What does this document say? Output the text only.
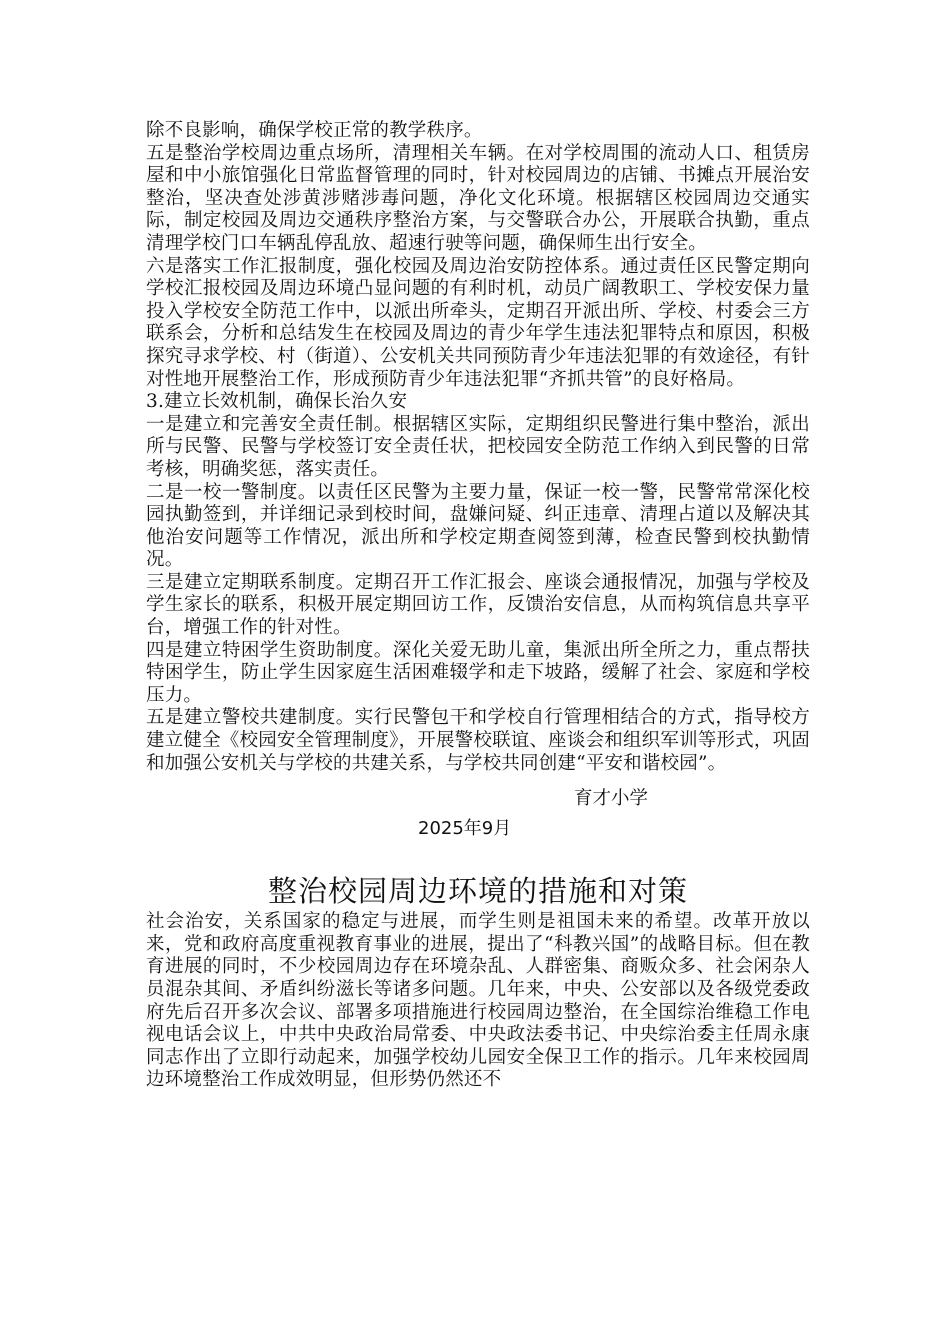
除不良影响，确保学校正常的教学秩序。

五是整治学校周边重点场所，清理相关车辆。在对学校周围的流动人口、租赁房屋和中小旅馆强化日常监督管理的同时，针对校园周边的店铺、书摊点开展治安整治，坚决查处涉黄涉赌涉毒问题，净化文化环境。根据辖区校园周边交通实际，制定校园及周边交通秩序整治方案，与交警联合办公，开展联合执勤，重点清理学校门口车辆乱停乱放、超速行驶等问题，确保师生出行安全。

六是落实工作汇报制度，强化校园及周边治安防控体系。通过责任区民警定期向学校汇报校园及周边环境凸显问题的有利时机，动员广阔教职工、学校安保力量投入学校安全防范工作中，以派出所牵头，定期召开派出所、学校、村委会三方联系会，分析和总结发生在校园及周边的青少年学生违法犯罪特点和原因，积极探究寻求学校、村（街道）、公安机关共同预防青少年违法犯罪的有效途径，有针对性地开展整治工作，形成预防青少年违法犯罪“齐抓共管”的良好格局。

3.建立长效机制，确保长治久安

一是建立和完善安全责任制。根据辖区实际，定期组织民警进行集中整治，派出所与民警、民警与学校签订安全责任状，把校园安全防范工作纳入到民警的日常考核，明确奖惩，落实责任。

二是一校一警制度。以责任区民警为主要力量，保证一校一警，民警常常深化校园执勤签到，并详细记录到校时间，盘嫌问疑、纠正违章、清理占道以及解决其他治安问题等工作情况，派出所和学校定期查阅签到薄，检查民警到校执勤情况。

三是建立定期联系制度。定期召开工作汇报会、座谈会通报情况，加强与学校及学生家长的联系，积极开展定期回访工作，反馈治安信息，从而构筑信息共享平台，增强工作的针对性。

四是建立特困学生资助制度。深化关爱无助儿童，集派出所全所之力，重点帮扶特困学生，防止学生因家庭生活困难辍学和走下坡路，缓解了社会、家庭和学校压力。

五是建立警校共建制度。实行民警包干和学校自行管理相结合的方式，指导校方建立健全《校园安全管理制度》，开展警校联谊、座谈会和组织军训等形式，巩固和加强公安机关与学校的共建关系，与学校共同创建“平安和谐校园”。

育才小学
2025年9月
整治校园周边环境的措施和对策

社会治安，关系国家的稳定与进展，而学生则是祖国未来的希望。改革开放以来，党和政府高度重视教育事业的进展，提出了“科教兴国”的战略目标。但在教育进展的同时，不少校园周边存在环境杂乱、人群密集、商贩众多、社会闲杂人员混杂其间、矛盾纠纷滋长等诸多问题。几年来，中央、公安部以及各级党委政府先后召开多次会议、部署多项措施进行校园周边整治，在全国综治维稳工作电视电话会议上，中共中央政治局常委、中央政法委书记、中央综治委主任周永康同志作出了立即行动起来，加强学校幼儿园安全保卫工作的指示。几年来校园周边环境整治工作成效明显，但形势仍然还不
